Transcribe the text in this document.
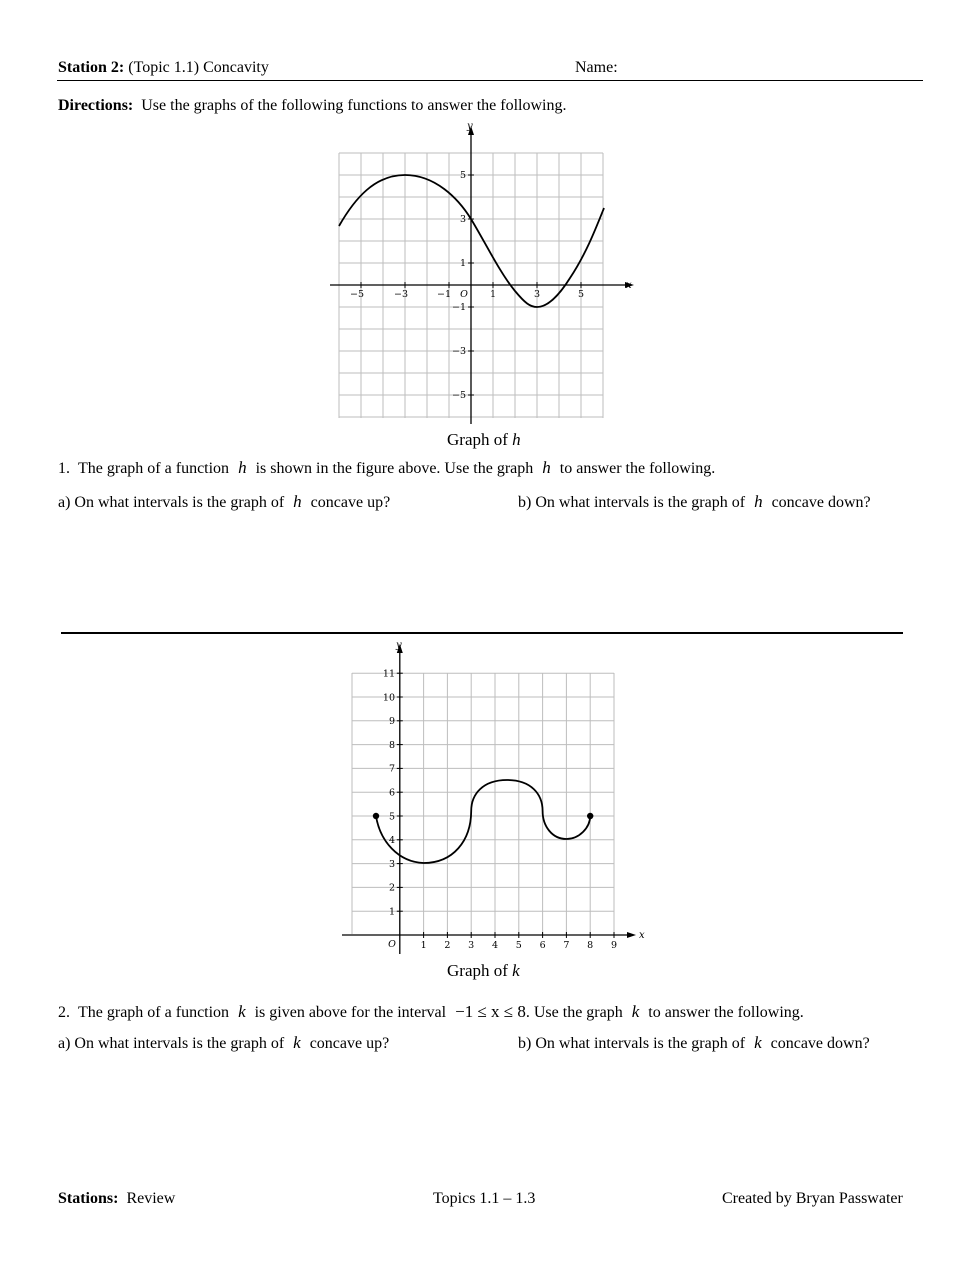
Station 2: (Topic 1.1) Concavity	Name:
Directions: Use the graphs of the following functions to answer the following.
−5	−3	−1 O 1	3	5
5
3
1
−1
−3
−5
x
y
Graph of h
1. The graph of a function h is shown in the figure above. Use the graph h to answer the following.
a) On what intervals is the graph of h concave up?	b) On what intervals is the graph of h concave down?
O	1 2 3 4 5 6 7 8 9
11
10
9
8
7
6
5
4
3
2
1
x
y
Graph of k
2. The graph of a function k is given above for the interval −1 ≤ x ≤ 8. Use the graph k to answer the following.
a) On what intervals is the graph of k concave up?	b) On what intervals is the graph of k concave down?
Stations: Review	Topics 1.1 – 1.3	Created by Bryan Passwater
